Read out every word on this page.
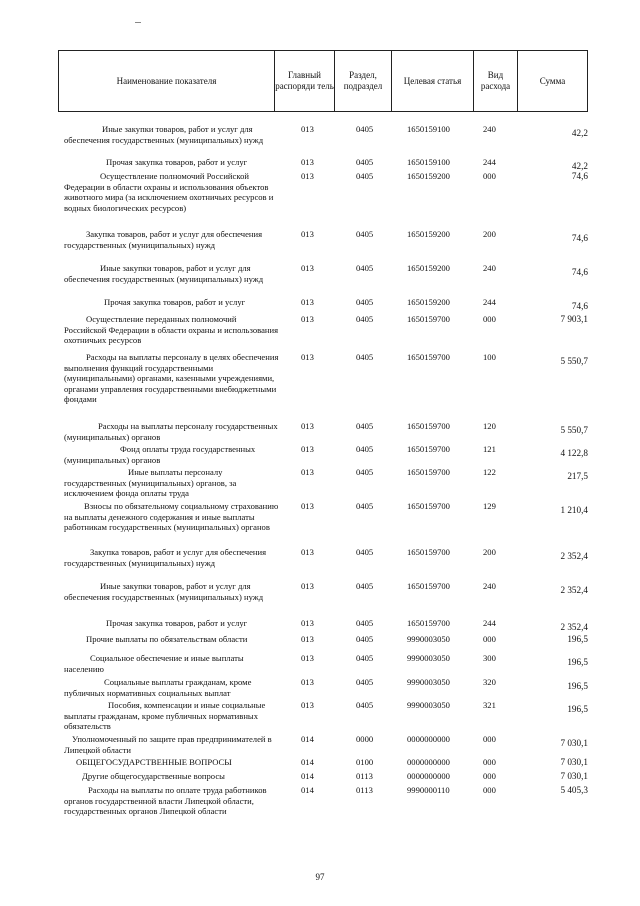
Наименование показателя
Главный распоряди тель
Раздел, подраздел
Целевая статья
Вид расхода
Сумма
Иные закупки товаров, работ и услуг для обеспечения государственных (муниципальных) нужд
013	0405	1650159100	240	42,2
Прочая закупка товаров, работ и услуг	013	0405	1650159100	244	42,2
Осуществление полномочий Российской Федерации в области охраны и использования объектов животного мира (за исключением охотничьих ресурсов и водных биологических ресурсов)
013	0405	1650159200	000	74,6
Закупка товаров, работ и услуг для обеспечения государственных (муниципальных) нужд
013	0405	1650159200	200	74,6
Иные закупки товаров, работ и услуг для обеспечения государственных (муниципальных) нужд
013	0405	1650159200	240	74,6
Прочая закупка товаров, работ и услуг	013	0405	1650159200	244	74,6
Осуществление переданных полномочий Российской Федерации в области охраны и использования охотничьих ресурсов
013	0405	1650159700	000	7 903,1
Расходы на выплаты персоналу в целях обеспечения выполнения функций государственными (муниципальными) органами, казенными учреждениями, органами управления государственными внебюджетными фондами
013	0405	1650159700	100	5 550,7
Расходы на выплаты персоналу государственных (муниципальных) органов
013	0405	1650159700	120	5 550,7
Фонд оплаты труда государственных (муниципальных) органов
013	0405	1650159700	121	4 122,8
Иные выплаты персоналу государственных (муниципальных) органов, за исключением фонда оплаты труда
013	0405	1650159700	122	217,5
Взносы по обязательному социальному страхованию на выплаты денежного содержания и иные выплаты работникам государственных (муниципальных) органов
013	0405	1650159700	129	1 210,4
Закупка товаров, работ и услуг для обеспечения государственных (муниципальных) нужд
013	0405	1650159700	200	2 352,4
Иные закупки товаров, работ и услуг для обеспечения государственных (муниципальных) нужд
013	0405	1650159700	240	2 352,4
Прочая закупка товаров, работ и услуг	013	0405	1650159700	244	2 352,4
Прочие выплаты по обязательствам области	013	0405	9990003050	000	196,5
Социальное обеспечение и иные выплаты населению
013	0405	9990003050	300	196,5
Социальные выплаты гражданам, кроме публичных нормативных социальных выплат
013	0405	9990003050	320	196,5
Пособия, компенсации и иные социальные выплаты гражданам, кроме публичных нормативных обязательств
013	0405	9990003050	321	196,5
Уполномоченный по защите прав предпринимателей в Липецкой области
014	0000	0000000000	000	7 030,1
ОБЩЕГОСУДАРСТВЕННЫЕ ВОПРОСЫ	014	0100	0000000000	000	7 030,1
Другие общегосударственные вопросы	014	0113	0000000000	000	7 030,1
Расходы на выплаты по оплате труда работников органов государственной власти Липецкой области, государственных органов Липецкой области
014	0113	9990000110	000	5 405,3
97
